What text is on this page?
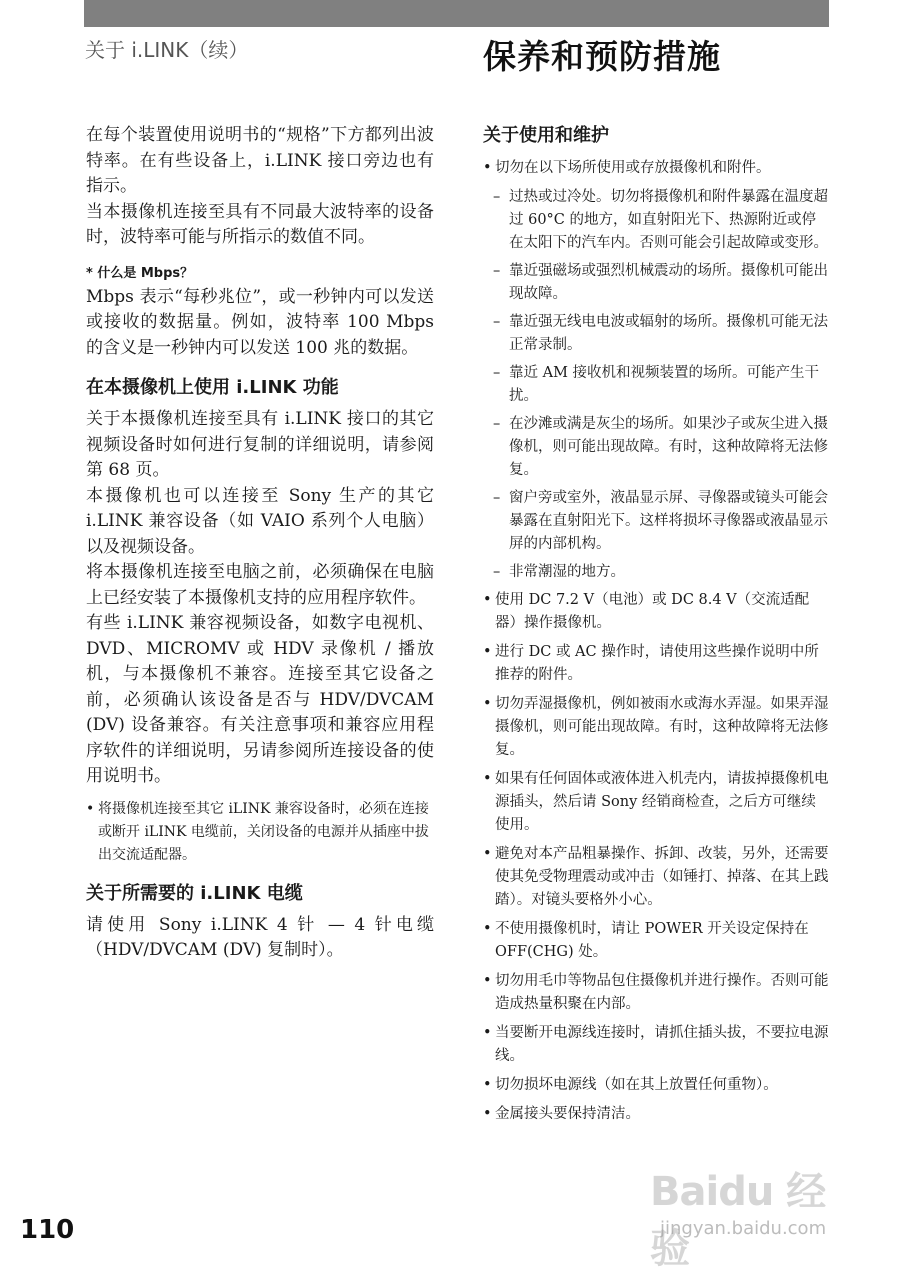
关于 i.LINK（续）	保养和预防措施

在每个装置使用说明书的“规格”下方都列出波特率。在有些设备上，i.LINK 接口旁边也有指示。

当本摄像机连接至具有不同最大波特率的设备时，波特率可能与所指示的数值不同。

* 什么是 Mbps？

Mbps 表示“每秒兆位”，或一秒钟内可以发送或接收的数据量。例如，波特率 100 Mbps 的含义是一秒钟内可以发送 100 兆的数据。

在本摄像机上使用 i.LINK 功能

关于本摄像机连接至具有 i.LINK 接口的其它视频设备时如何进行复制的详细说明，请参阅第 68 页。

本摄像机也可以连接至 Sony 生产的其它 i.LINK 兼容设备（如 VAIO 系列个人电脑）以及视频设备。

将本摄像机连接至电脑之前，必须确保在电脑上已经安装了本摄像机支持的应用程序软件。

有些 i.LINK 兼容视频设备，如数字电视机、DVD、MICROMV 或 HDV 录像机 / 播放机，与本摄像机不兼容。连接至其它设备之前，必须确认该设备是否与 HDV/DVCAM (DV) 设备兼容。有关注意事项和兼容应用程序软件的详细说明，另请参阅所连接设备的使用说明书。

• 将摄像机连接至其它 iLINK 兼容设备时，必须在连接或断开 iLINK 电缆前，关闭设备的电源并从插座中拔出交流适配器。

关于所需要的 i.LINK 电缆

请使用 Sony i.LINK 4 针 — 4 针电缆（HDV/DVCAM (DV) 复制时）。

关于使用和维护

• 切勿在以下场所使用或存放摄像机和附件。

– 过热或过冷处。切勿将摄像机和附件暴露在温度超过 60°C 的地方，如直射阳光下、热源附近或停在太阳下的汽车内。否则可能会引起故障或变形。

– 靠近强磁场或强烈机械震动的场所。摄像机可能出现故障。

– 靠近强无线电电波或辐射的场所。摄像机可能无法正常录制。

– 靠近 AM 接收机和视频装置的场所。可能产生干扰。

– 在沙滩或满是灰尘的场所。如果沙子或灰尘进入摄像机，则可能出现故障。有时，这种故障将无法修复。

– 窗户旁或室外，液晶显示屏、寻像器或镜头可能会暴露在直射阳光下。这样将损坏寻像器或液晶显示屏的内部机构。

– 非常潮湿的地方。

• 使用 DC 7.2 V（电池）或 DC 8.4 V（交流适配器）操作摄像机。

• 进行 DC 或 AC 操作时，请使用这些操作说明中所推荐的附件。

• 切勿弄湿摄像机，例如被雨水或海水弄湿。如果弄湿摄像机，则可能出现故障。有时，这种故障将无法修复。

• 如果有任何固体或液体进入机壳内，请拔掉摄像机电源插头，然后请 Sony 经销商检查，之后方可继续使用。

• 避免对本产品粗暴操作、拆卸、改装，另外，还需要使其免受物理震动或冲击（如锤打、掉落、在其上践踏）。对镜头要格外小心。

• 不使用摄像机时，请让 POWER 开关设定保持在 OFF(CHG) 处。

• 切勿用毛巾等物品包住摄像机并进行操作。否则可能造成热量积聚在内部。

• 当要断开电源线连接时，请抓住插头拔，不要拉电源线。

• 切勿损坏电源线（如在其上放置任何重物）。

• 金属接头要保持清洁。

110
Baidu 经验
jingyan.baidu.com
